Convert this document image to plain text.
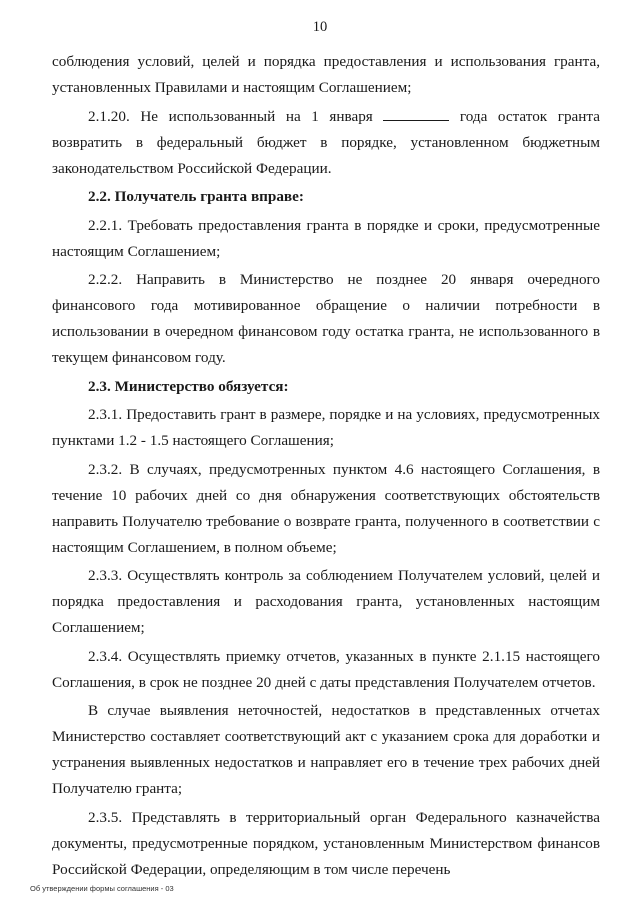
10

соблюдения условий, целей и порядка предоставления и использования гранта, установленных Правилами и настоящим Соглашением;

2.1.20. Не использованный на 1 января	года остаток гранта возвратить в федеральный бюджет в порядке, установленном бюджетным законодательством Российской Федерации.

2.2. Получатель гранта вправе:

2.2.1. Требовать предоставления гранта в порядке и сроки, предусмотренные настоящим Соглашением;

2.2.2. Направить в Министерство не позднее 20 января очередного финансового года мотивированное обращение о наличии потребности в использовании в очередном финансовом году остатка гранта, не использованного в текущем финансовом году.

2.3. Министерство обязуется:

2.3.1. Предоставить грант в размере, порядке и на условиях, предусмотренных пунктами 1.2 - 1.5 настоящего Соглашения;

2.3.2. В случаях, предусмотренных пунктом 4.6 настоящего Соглашения, в течение 10 рабочих дней со дня обнаружения соответствующих обстоятельств направить Получателю требование о возврате гранта, полученного в соответствии с настоящим Соглашением, в полном объеме;

2.3.3. Осуществлять контроль за соблюдением Получателем условий, целей и порядка предоставления и расходования гранта, установленных настоящим Соглашением;

2.3.4. Осуществлять приемку отчетов, указанных в пункте 2.1.15 настоящего Соглашения, в срок не позднее 20 дней с даты представления Получателем отчетов.

В случае выявления неточностей, недостатков в представленных отчетах Министерство составляет соответствующий акт с указанием срока для доработки и устранения выявленных недостатков и направляет его в течение трех рабочих дней Получателю гранта;

2.3.5. Представлять в территориальный орган Федерального казначейства документы, предусмотренные порядком, установленным Министерством финансов Российской Федерации, определяющим в том числе перечень

Об утверждении формы соглашения - 03
